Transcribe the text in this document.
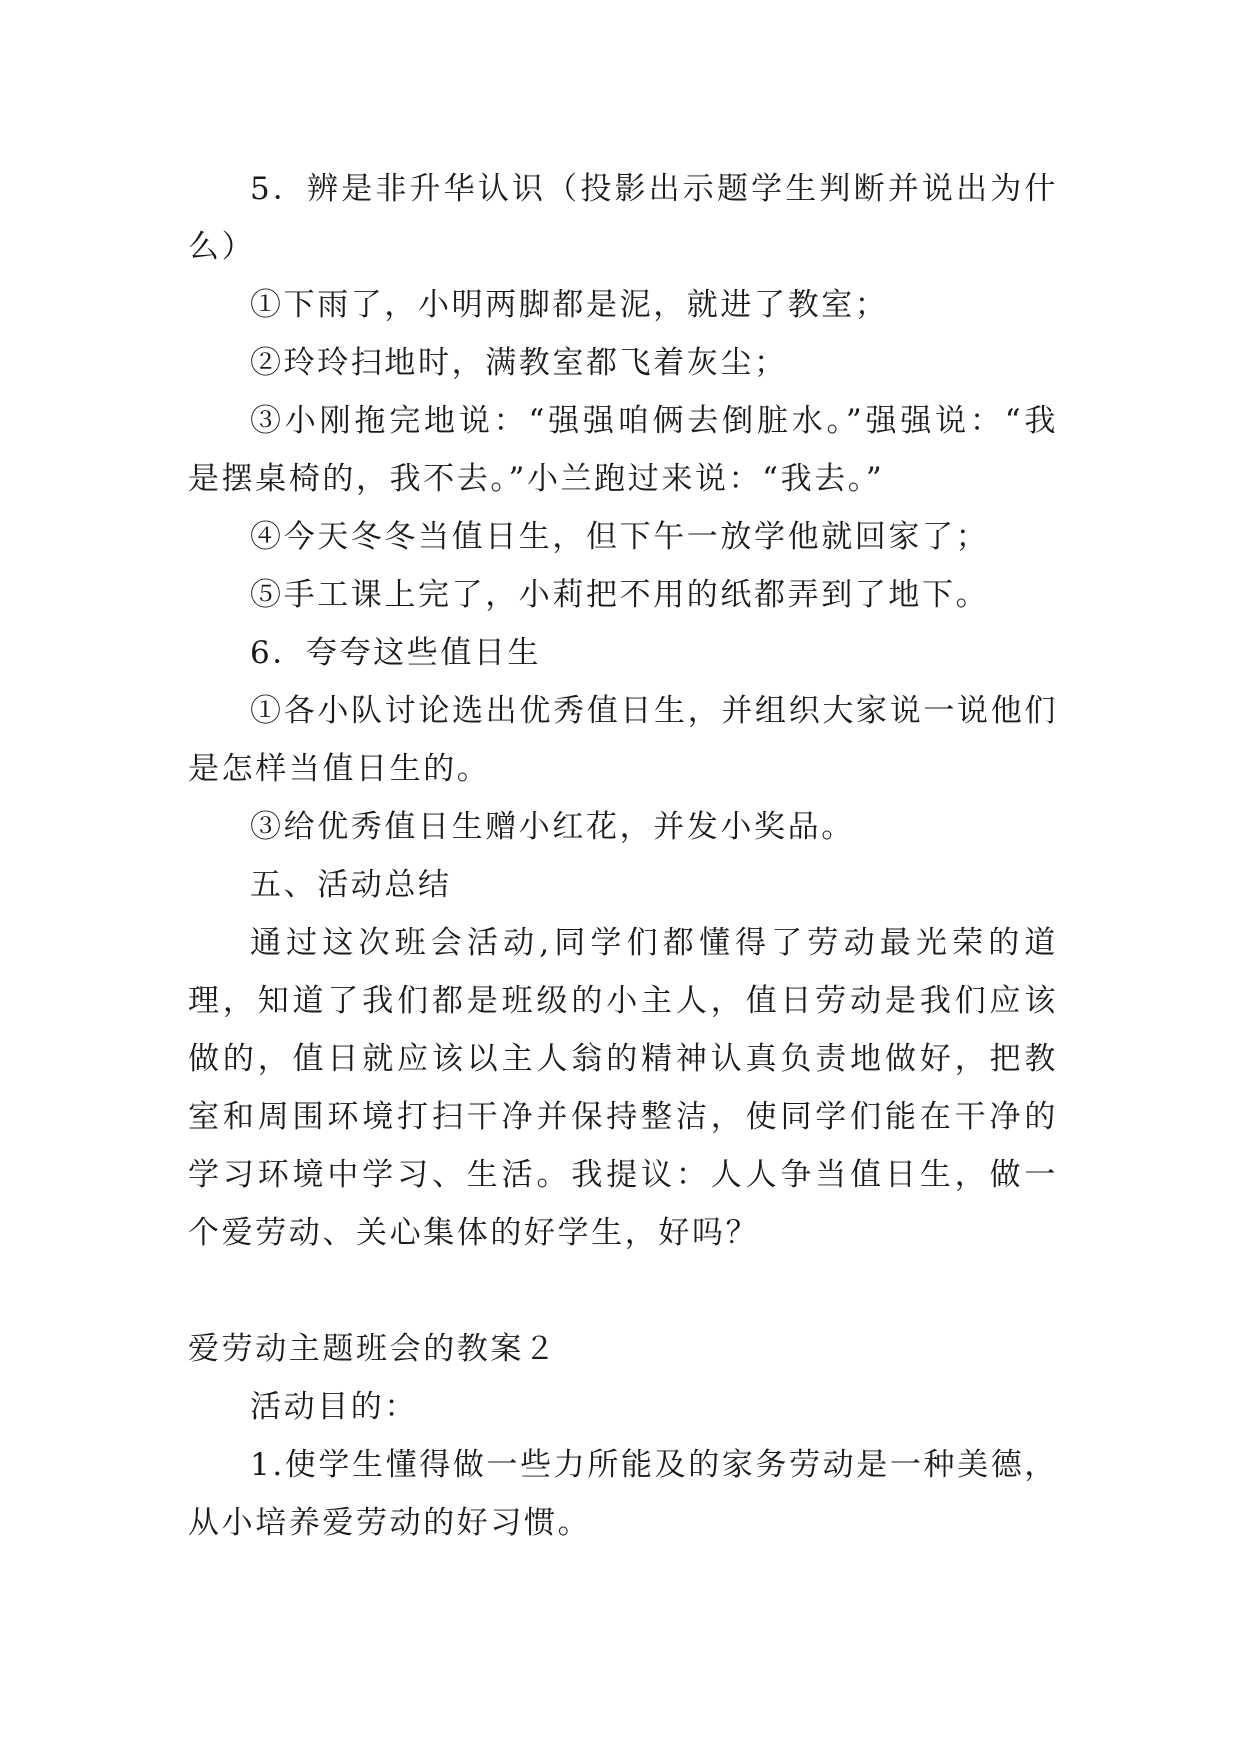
5．辨是非升华认识（投影出示题学生判断并说出为什么）

①下雨了，小明两脚都是泥，就进了教室；

②玲玲扫地时，满教室都飞着灰尘；

③小刚拖完地说：“强强咱俩去倒脏水。”强强说：“我是摆桌椅的，我不去。”小兰跑过来说：“我去。”

④今天冬冬当值日生，但下午一放学他就回家了；

⑤手工课上完了，小莉把不用的纸都弄到了地下。

6．夸夸这些值日生

①各小队讨论选出优秀值日生，并组织大家说一说他们是怎样当值日生的。

③给优秀值日生赠小红花，并发小奖品。

五、活动总结

通过这次班会活动,同学们都懂得了劳动最光荣的道理，知道了我们都是班级的小主人，值日劳动是我们应该做的，值日就应该以主人翁的精神认真负责地做好，把教室和周围环境打扫干净并保持整洁，使同学们能在干净的学习环境中学习、生活。我提议：人人争当值日生，做一个爱劳动、关心集体的好学生，好吗？

爱劳动主题班会的教案２

活动目的：

1.使学生懂得做一些力所能及的家务劳动是一种美德，从小培养爱劳动的好习惯。
